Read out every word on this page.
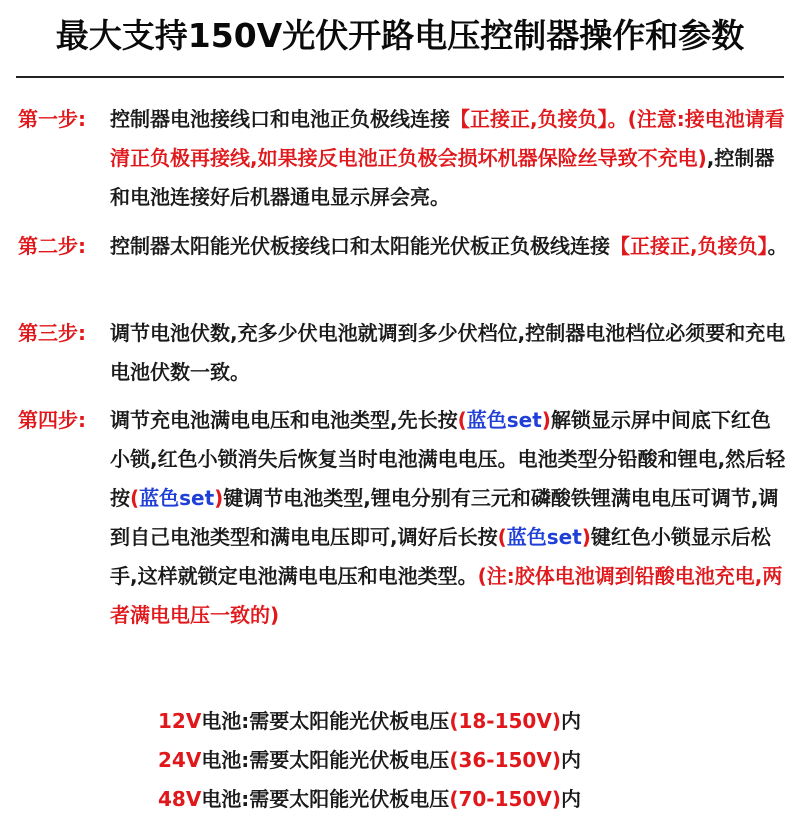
最大支持150V光伏开路电压控制器操作和参数
第一步:	控制器电池接线口和电池正负极线连接【正接正,负接负】。(注意:接电池请看清正负极再接线,如果接反电池正负极会损坏机器保险丝导致不充电),控制器和电池连接好后机器通电显示屏会亮。
第二步:	控制器太阳能光伏板接线口和太阳能光伏板正负极线连接【正接正,负接负】。
第三步:	调节电池伏数,充多少伏电池就调到多少伏档位,控制器电池档位必须要和充电电池伏数一致。
第四步:	调节充电池满电电压和电池类型,先长按(蓝色set)解锁显示屏中间底下红色小锁,红色小锁消失后恢复当时电池满电电压。电池类型分铅酸和锂电,然后轻按(蓝色set)键调节电池类型,锂电分别有三元和磷酸铁锂满电电压可调节,调到自己电池类型和满电电压即可,调好后长按(蓝色set)键红色小锁显示后松手,这样就锁定电池满电电压和电池类型。(注:胶体电池调到铅酸电池充电,两者满电电压一致的)
12V电池:需要太阳能光伏板电压(18-150V)内
24V电池:需要太阳能光伏板电压(36-150V)内
48V电池:需要太阳能光伏板电压(70-150V)内
